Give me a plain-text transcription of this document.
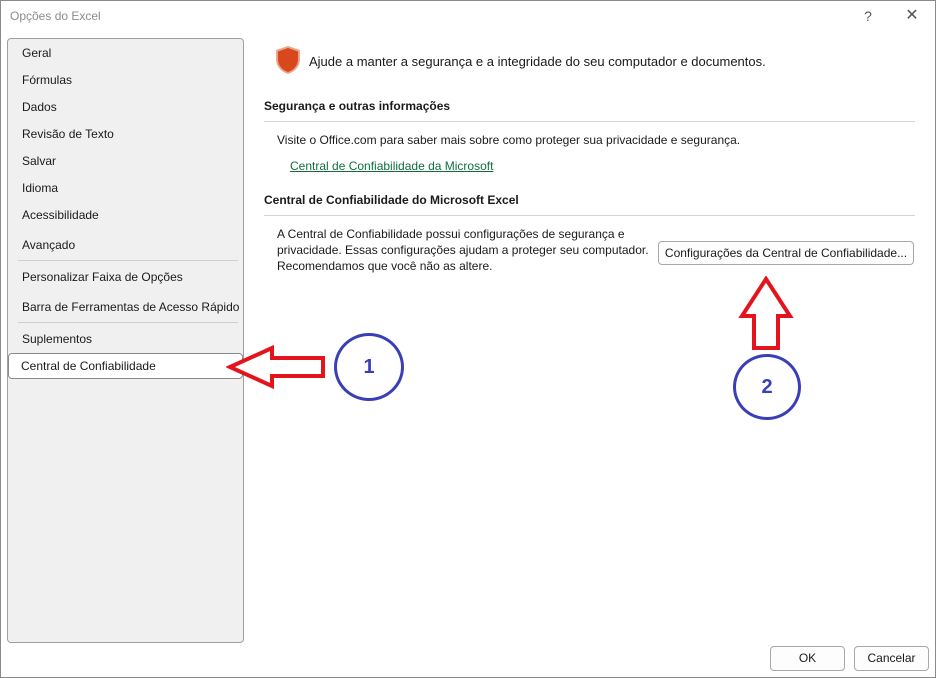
Opções do Excel	?	✕
Geral
Fórmulas
Dados
Revisão de Texto
Salvar
Idioma
Acessibilidade
Avançado
Personalizar Faixa de Opções
Barra de Ferramentas de Acesso Rápido
Suplementos
Central de Confiabilidade
Ajude a manter a segurança e a integridade do seu computador e documentos.
Segurança e outras informações
Visite o Office.com para saber mais sobre como proteger sua privacidade e segurança.
Central de Confiabilidade da Microsoft
Central de Confiabilidade do Microsoft Excel
A Central de Confiabilidade possui configurações de segurança e
privacidade. Essas configurações ajudam a proteger seu computador.
Recomendamos que você não as altere.
Configurações da Central de Confiabilidade...
1
2
OK	Cancelar
